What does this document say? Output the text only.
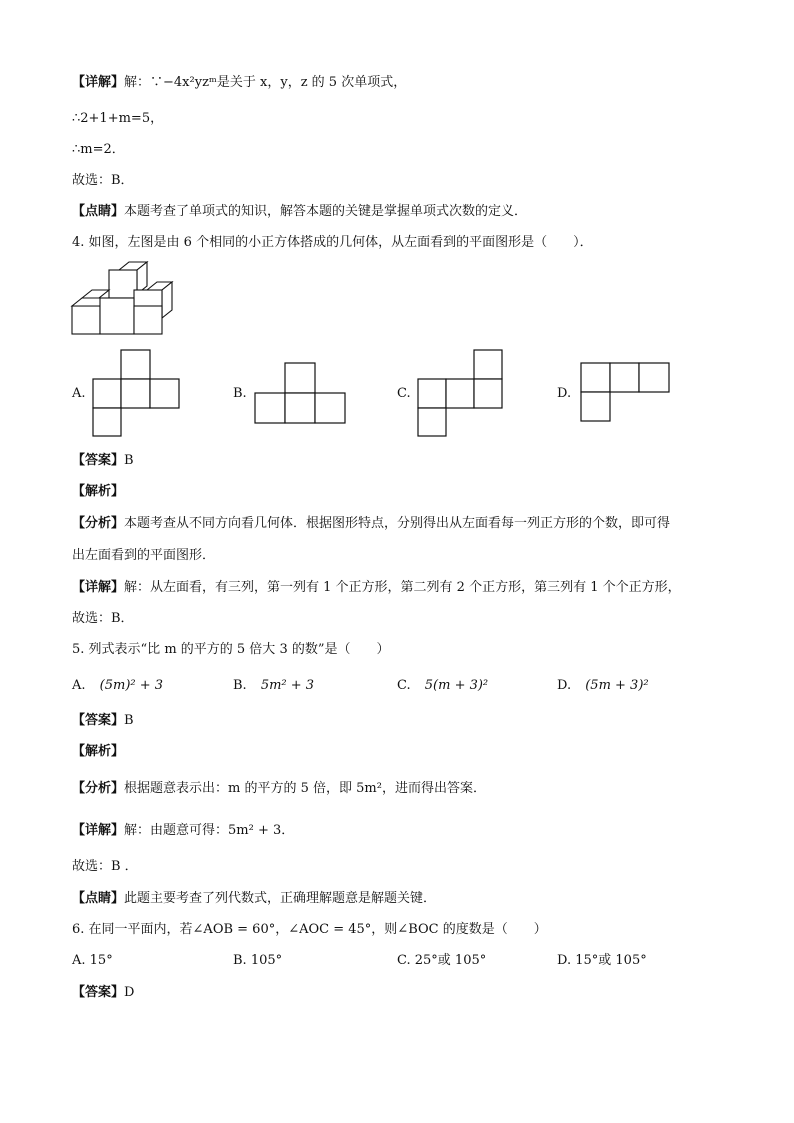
【详解】解：∵−4x²yzᵐ是关于 x，y，z 的 5 次单项式，
∴2+1+m=5，
∴m=2．
故选：B．
【点睛】本题考查了单项式的知识，解答本题的关键是掌握单项式次数的定义．
4. 如图，左图是由 6 个相同的小正方体搭成的几何体，从左面看到的平面图形是（　　）．
A.	B.	C.	D.
【答案】B
【解析】
【分析】本题考查从不同方向看几何体．根据图形特点，分别得出从左面看每一列正方形的个数，即可得
出左面看到的平面图形．
【详解】解：从左面看，有三列，第一列有 1 个正方形，第二列有 2 个正方形，第三列有 1 个个正方形，
故选：B．
5. 列式表示“比 m 的平方的 5 倍大 3 的数”是（　　）
A. (5m)² + 3	B. 5m² + 3	C. 5(m + 3)²	D. (5m + 3)²
【答案】B
【解析】
【分析】根据题意表示出：m 的平方的 5 倍，即 5m²，进而得出答案．
【详解】解：由题意可得：5m² + 3．
故选：B ．
【点睛】此题主要考查了列代数式，正确理解题意是解题关键．
6. 在同一平面内，若∠AOB = 60°，∠AOC = 45°，则∠BOC 的度数是（　　）
A. 15°	B. 105°	C. 25°或 105°	D. 15°或 105°
【答案】D
